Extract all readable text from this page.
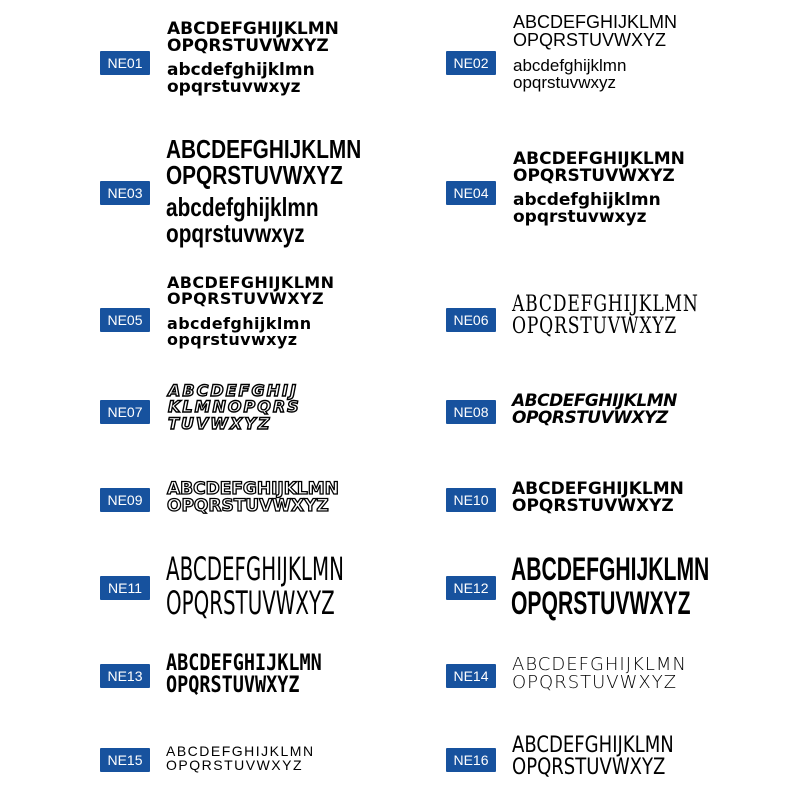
NE01
ABCDEFGHIJKLMN
OPQRSTUVWXYZ
abcdefghijklmn
opqrstuvwxyz
NE02
ABCDEFGHIJKLMN
OPQRSTUVWXYZ
abcdefghijklmn
opqrstuvwxyz
NE03
ABCDEFGHIJKLMN
OPQRSTUVWXYZ
abcdefghijklmn
opqrstuvwxyz
NE04
ABCDEFGHIJKLMN
OPQRSTUVWXYZ
abcdefghijklmn
opqrstuvwxyz
NE05
ABCDEFGHIJKLMN
OPQRSTUVWXYZ
abcdefghijklmn
opqrstuvwxyz
NE06
ABCDEFGHIJKLMN
OPQRSTUVWXYZ
NE07
ABCDEFGHIJ
KLMNOPQRS
TUVWXYZ
NE08
ABCDEFGHIJKLMN
OPQRSTUVWXYZ
NE09
ABCDEFGHIJKLMN
OPQRSTUVWXYZ	NE10
ABCDEFGHIJKLMN
OPQRSTUVWXYZ
NE11 ABCDEFGHIJKLMN
OPQRSTUVWXYZ	NE12
ABCDEFGHIJKLMN
OPQRSTUVWXYZ
NE13	ABCDEFGHIJKLMN
OPQRSTUVWXYZ	NE14
ABCDEFGHIJKLMN
OPQRSTUVWXYZ
NE15
ABCDEFGHIJKLMN
OPQRSTUVWXYZ	NE16
ABCDEFGHIJKLMN
OPQRSTUVWXYZ
